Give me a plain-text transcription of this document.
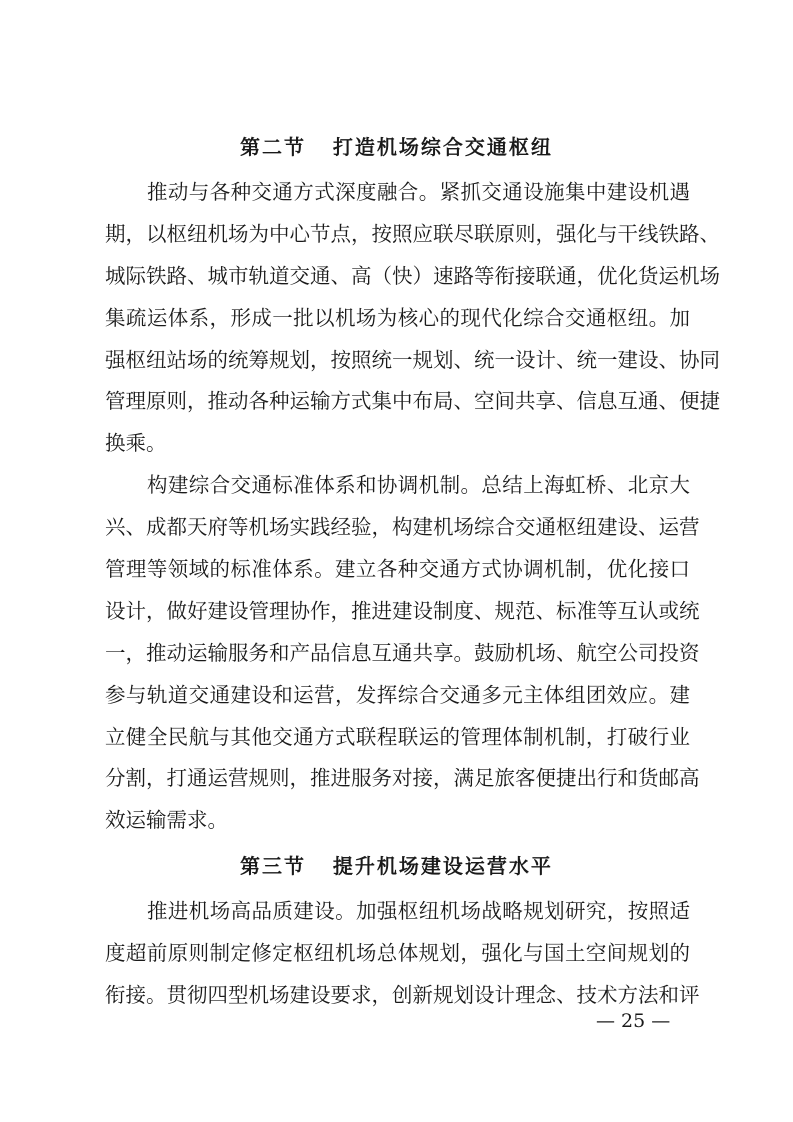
第二节   打造机场综合交通枢纽
推动与各种交通方式深度融合。紧抓交通设施集中建设机遇
期，以枢纽机场为中心节点，按照应联尽联原则，强化与干线铁路、
城际铁路、城市轨道交通、高（快）速路等衔接联通，优化货运机场
集疏运体系，形成一批以机场为核心的现代化综合交通枢纽。加
强枢纽站场的统筹规划，按照统一规划、统一设计、统一建设、协同
管理原则，推动各种运输方式集中布局、空间共享、信息互通、便捷
换乘。
构建综合交通标准体系和协调机制。总结上海虹桥、北京大
兴、成都天府等机场实践经验，构建机场综合交通枢纽建设、运营
管理等领域的标准体系。建立各种交通方式协调机制，优化接口
设计，做好建设管理协作，推进建设制度、规范、标准等互认或统
一，推动运输服务和产品信息互通共享。鼓励机场、航空公司投资
参与轨道交通建设和运营，发挥综合交通多元主体组团效应。建
立健全民航与其他交通方式联程联运的管理体制机制，打破行业
分割，打通运营规则，推进服务对接，满足旅客便捷出行和货邮高
效运输需求。
第三节   提升机场建设运营水平
推进机场高品质建设。加强枢纽机场战略规划研究，按照适
度超前原则制定修定枢纽机场总体规划，强化与国土空间规划的
衔接。贯彻四型机场建设要求，创新规划设计理念、技术方法和评
— 25 —
